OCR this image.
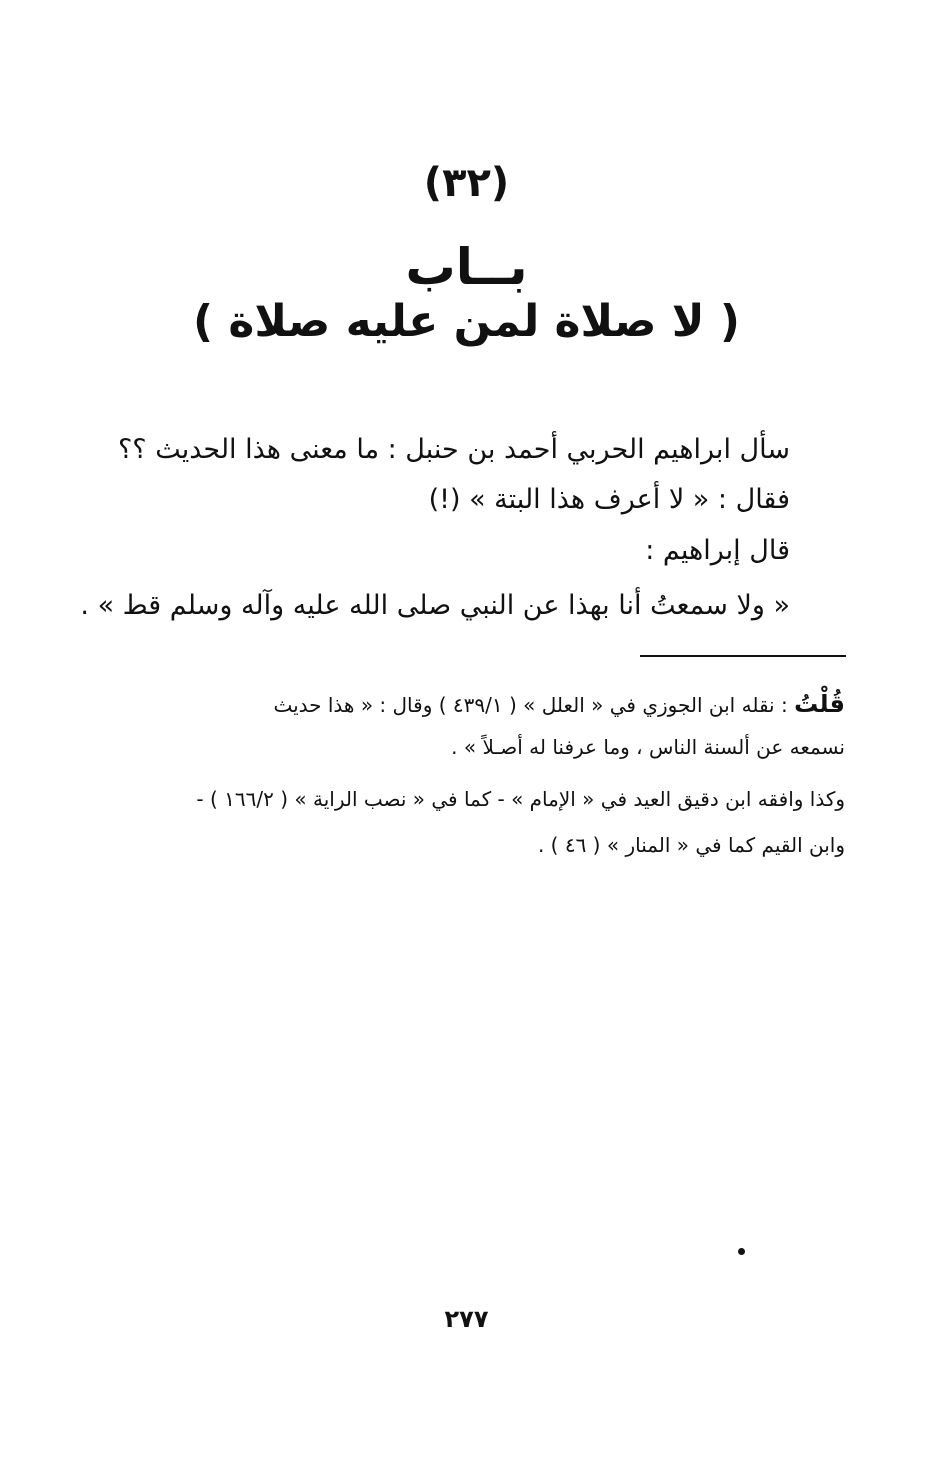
(٣٢)
بــاب
( لا صلاة لمن عليه صلاة )
سأل ابراهيم الحربي أحمد بن حنبل : ما معنى هذا الحديث ؟؟
فقال : « لا أعرف هذا البتة » (!)
قال إبراهيم :
« ولا سمعتُ أنا بهذا عن النبي صلى الله عليه وآله وسلم قط » .
قُلْتُ : نقله ابن الجوزي في « العلل » ( ٤٣٩/١ ) وقال : « هذا حديث
نسمعه عن ألسنة الناس ، وما عرفنا له أصـلاً » .
وكذا وافقه ابن دقيق العيد في « الإمام » - كما في « نصب الراية » ( ١٦٦/٢ ) -
وابن القيم كما في « المنار » ( ٤٦ ) .
٢٧٧
